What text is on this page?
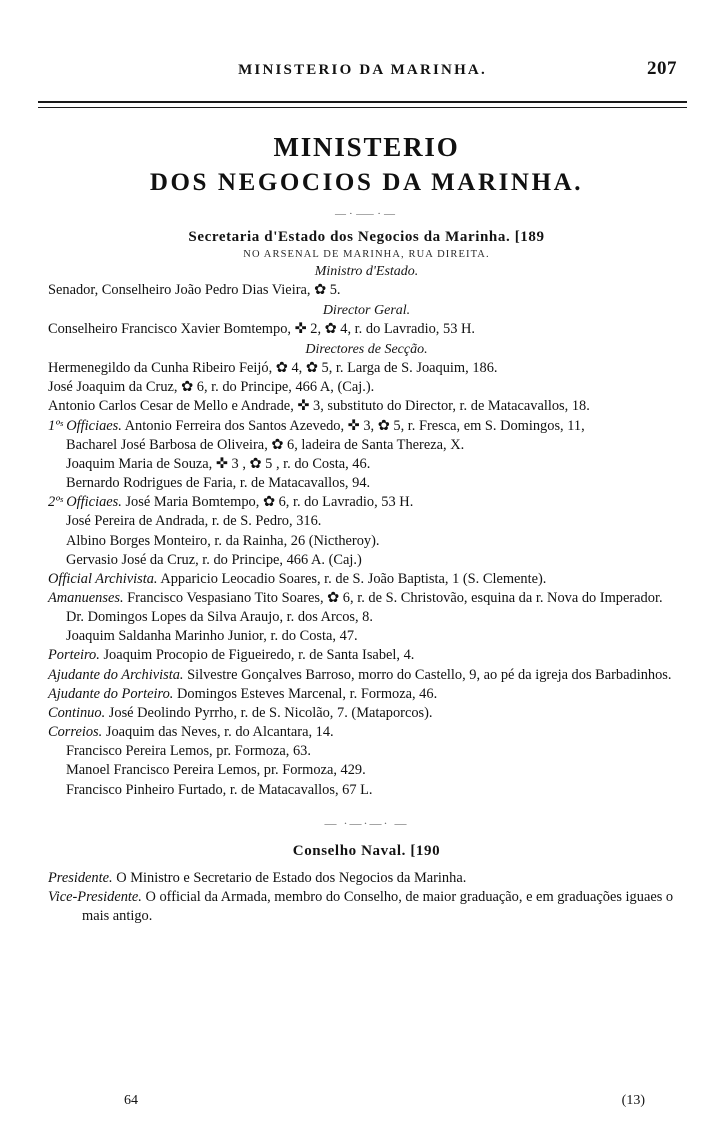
MINISTERIO DA MARINHA.	207
MINISTERIO
DOS NEGOCIOS DA MARINHA.
—·⸺·—
Secretaria d'Estado dos Negocios da Marinha. [189
NO ARSENAL DE MARINHA, RUA DIREITA.
Ministro d'Estado.

Senador, Conselheiro João Pedro Dias Vieira, ✿ 5.

Director Geral.

Conselheiro Francisco Xavier Bomtempo, ✜ 2, ✿ 4, r. do Lavradio, 53 H.

Directores de Secção.

Hermenegildo da Cunha Ribeiro Feijó, ✿ 4, ✿ 5, r. Larga de S. Joaquim, 186.

José Joaquim da Cruz, ✿ 6, r. do Principe, 466 A, (Caj.).

Antonio Carlos Cesar de Mello e Andrade, ✜ 3, substituto do Director, r. de Matacavallos, 18.

1ºˢ Officiaes. Antonio Ferreira dos Santos Azevedo, ✜ 3, ✿ 5, r. Fresca, em S. Domingos, 11,

Bacharel José Barbosa de Oliveira, ✿ 6, ladeira de Santa Thereza, X.

Joaquim Maria de Souza, ✜ 3 , ✿ 5 , r. do Costa, 46.

Bernardo Rodrigues de Faria, r. de Matacavallos, 94.

2ºˢ Officiaes. José Maria Bomtempo, ✿ 6, r. do Lavradio, 53 H.

José Pereira de Andrada, r. de S. Pedro, 316.

Albino Borges Monteiro, r. da Rainha, 26 (Nictheroy).

Gervasio José da Cruz, r. do Principe, 466 A. (Caj.)

Official Archivista. Apparicio Leocadio Soares, r. de S. João Baptista, 1 (S. Clemente).

Amanuenses. Francisco Vespasiano Tito Soares, ✿ 6, r. de S. Christovão, esquina da r. Nova do Imperador.

Dr. Domingos Lopes da Silva Araujo, r. dos Arcos, 8.

Joaquim Saldanha Marinho Junior, r. do Costa, 47.

Porteiro. Joaquim Procopio de Figueiredo, r. de Santa Isabel, 4.

Ajudante do Archivista. Silvestre Gonçalves Barroso, morro do Castello, 9, ao pé da igreja dos Barbadinhos.

Ajudante do Porteiro. Domingos Esteves Marcenal, r. Formoza, 46.

Continuo. José Deolindo Pyrrho, r. de S. Nicolão, 7. (Mataporcos).

Correios. Joaquim das Neves, r. do Alcantara, 14.

Francisco Pereira Lemos, pr. Formoza, 63.

Manoel Francisco Pereira Lemos, pr. Formoza, 429.

Francisco Pinheiro Furtado, r. de Matacavallos, 67 L.

— ·—·—· —
Conselho Naval. [190

Presidente. O Ministro e Secretario de Estado dos Negocios da Marinha.

Vice-Presidente. O official da Armada, membro do Conselho, de maior graduação, e em graduações iguaes o mais antigo.

64	(13)
